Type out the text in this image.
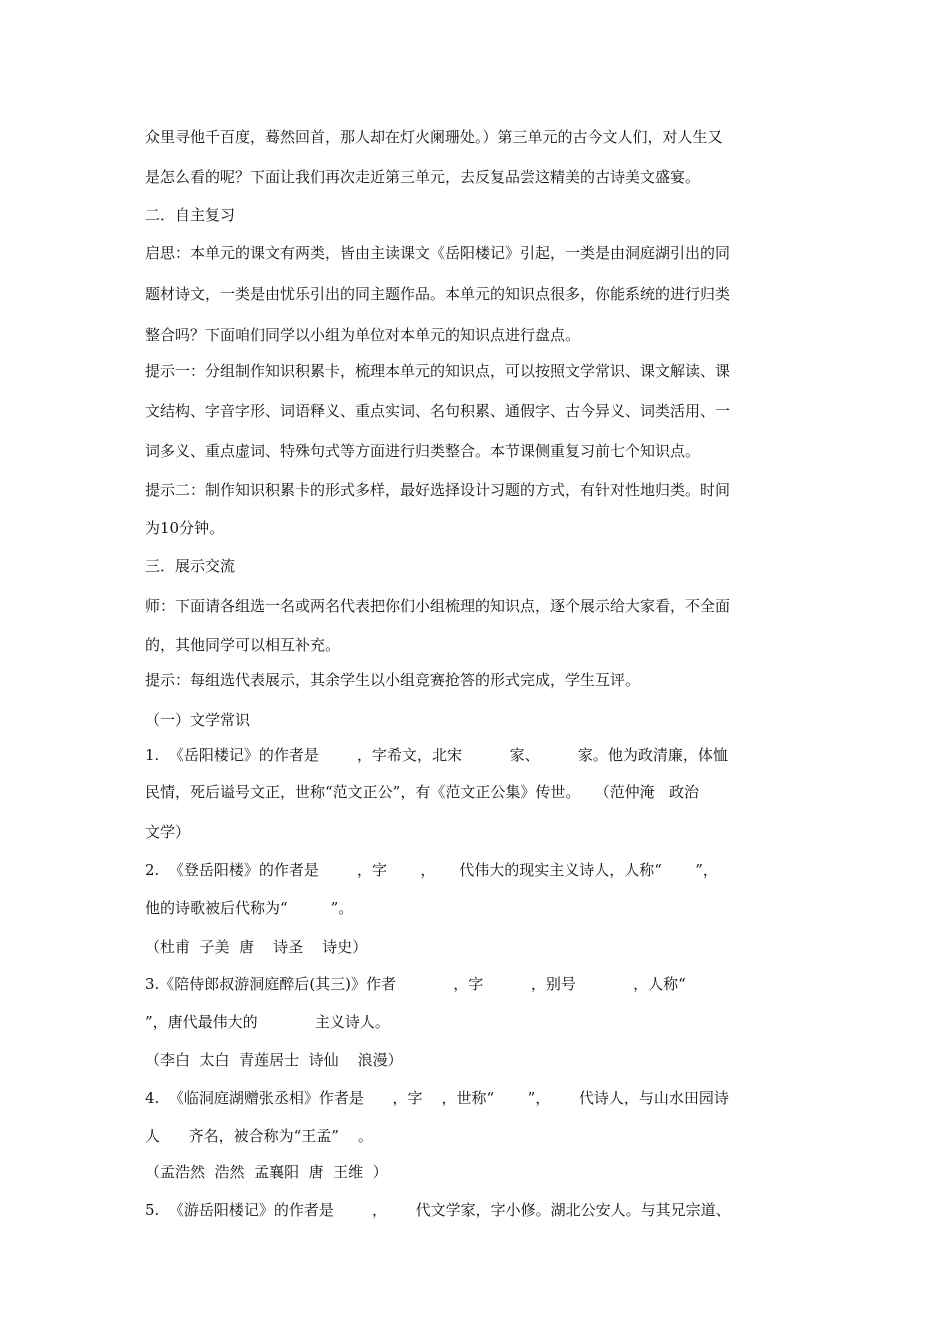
众里寻他千百度，蓦然回首，那人却在灯火阑珊处。）第三单元的古今文人们，对人生又
是怎么看的呢？下面让我们再次走近第三单元，去反复品尝这精美的古诗美文盛宴。
二．自主复习
启思：本单元的课文有两类，皆由主读课文《岳阳楼记》引起，一类是由洞庭湖引出的同
题材诗文，一类是由忧乐引出的同主题作品。本单元的知识点很多，你能系统的进行归类
整合吗？下面咱们同学以小组为单位对本单元的知识点进行盘点。
提示一：分组制作知识积累卡，梳理本单元的知识点，可以按照文学常识、课文解读、课
文结构、字音字形、词语释义、重点实词、名句积累、通假字、古今异义、词类活用、一
词多义、重点虚词、特殊句式等方面进行归类整合。本节课侧重复习前七个知识点。
提示二：制作知识积累卡的形式多样，最好选择设计习题的方式，有针对性地归类。时间
为10分钟。
三．展示交流
师：下面请各组选一名或两名代表把你们小组梳理的知识点，逐个展示给大家看，不全面
的，其他同学可以相互补充。
提示：每组选代表展示，其余学生以小组竞赛抢答的形式完成，学生互评。
（一）文学常识
1.  《岳阳楼记》的作者是        ，字希文，北宋          家、        家。他为政清廉，体恤
民情，死后谥号文正，世称“范文正公”，有《范文正公集》传世。   （范仲淹   政治
文学）
2.  《登岳阳楼》的作者是        ，字       ，     代伟大的现实主义诗人，人称“       ”，
他的诗歌被后代称为“         ”。
（杜甫  子美  唐    诗圣    诗史）
3.《陪侍郎叔游洞庭醉后(其三)》作者            ，字          ，别号            ，人称“
”，唐代最伟大的            主义诗人。
（李白  太白  青莲居士  诗仙    浪漫）
4.  《临洞庭湖赠张丞相》作者是      ，字    ，世称“       ”，      代诗人，与山水田园诗
人      齐名，被合称为“王孟”    。
（孟浩然  浩然  孟襄阳  唐  王维  ）
5.  《游岳阳楼记》的作者是        ，      代文学家，字小修。湖北公安人。与其兄宗道、
